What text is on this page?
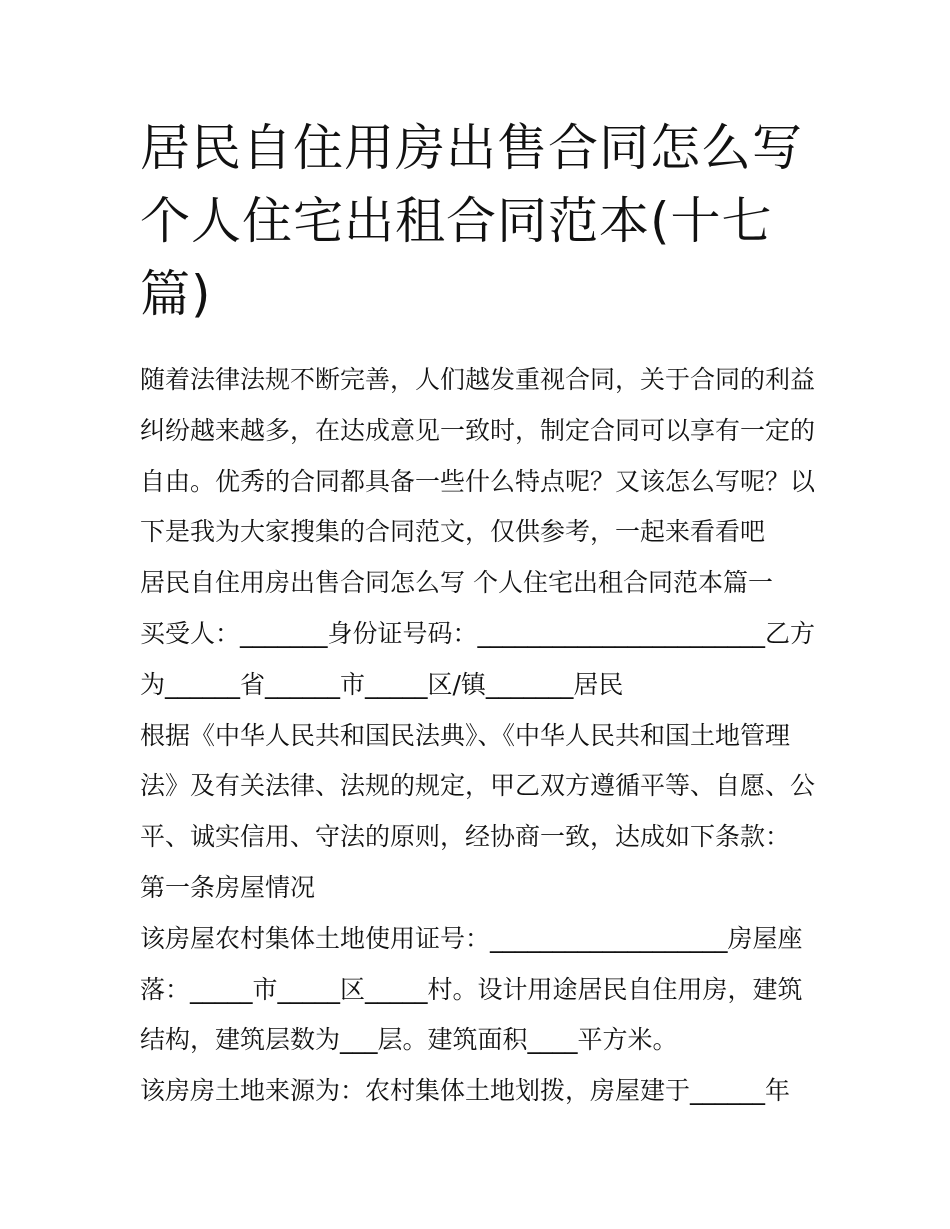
居民自住用房出售合同怎么写
个人住宅出租合同范本(十七
篇)
随着法律法规不断完善，人们越发重视合同，关于合同的利益
纠纷越来越多，在达成意见一致时，制定合同可以享有一定的
自由。优秀的合同都具备一些什么特点呢？又该怎么写呢？以
下是我为大家搜集的合同范文，仅供参考，一起来看看吧
居民自住用房出售合同怎么写 个人住宅出租合同范本篇一
买受人：_______身份证号码：_______________________乙方
为______省______市_____区/镇_______居民
根据《中华人民共和国民法典》、《中华人民共和国土地管理
法》及有关法律、法规的规定，甲乙双方遵循平等、自愿、公
平、诚实信用、守法的原则，经协商一致，达成如下条款：
第一条房屋情况
该房屋农村集体土地使用证号：___________________房屋座
落：_____市_____区_____村。设计用途居民自住用房，建筑
结构，建筑层数为___层。建筑面积____平方米。
该房房土地来源为：农村集体土地划拨，房屋建于______年
